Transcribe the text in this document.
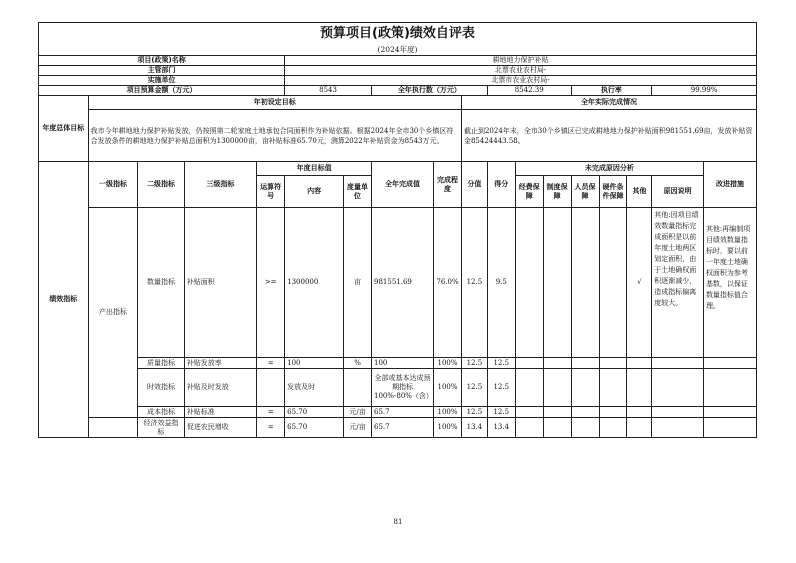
预算项目(政策)绩效自评表																	
(2024年度)																	
项目(政策)名称					耕地地力保护补贴												
主管部门					北票农业农村局-												
实施单位					北票市农业农村局-												
项目预算金额（万元）					8543		全年执行数（万元）			8542.39			执行率			99.99%	
年度总体目标	年初设定目标								全年实际完成情况								
	我市今年耕地地力保护补贴发放，仍按照第二轮家庭土地承包合同面积作为补贴依据。根据2024年全市30个乡镇区符合发放条件的耕地地力保护补贴总面积为1300000亩，亩补贴标准65.70元，测算2022年补贴资金为8543万元。								截止到2024年末，全市30个乡镇区已完成耕地地力保护补贴面积981551.69亩，发放补贴资金85424443.58。								
绩效指标	一级指标	二级指标	三级指标	年度目标值			全年完成值	完成程度	分值	得分	未完成原因分析						改进措施
				运算符号	内容	度量单位					经费保障	制度保障	人员保障	硬件条件保障	其他	原因说明	
	产出指标	数量指标	补贴面积	>=	1300000	亩	981551.69	76.0%	12.5	9.5					√	其他:因项目绩效数量指标完成面积是以前年度土地两区划定面积，由于土地确权面积逐渐减少，造成指标偏离度较大。	其他:再编制项目绩效数量指标时，要以前一年度土地确权面积为参考基数，以保证数量指标值合理。
		质量指标	补贴发放率	=	100	%	100	100%	12.5	12.5							
		时效指标	补贴及时发放		发放及时		全部或基本达成预期指标100%-80%（含）	100%	12.5	12.5							
		成本指标	补贴标准	=	65.70	元/亩	65.7	100%	12.5	12.5							
		经济效益指标	促进农民增收	=	65.70	元/亩	65.7	100%	13.4	13.4							
81
